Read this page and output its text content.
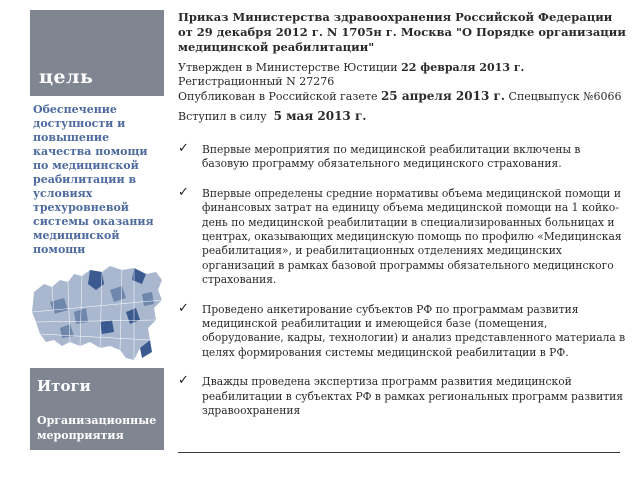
цель
Обеспечение
доступности и
повышение
качества помощи
по медицинской
реабилитации в
условиях
трехуровневой
системы оказания
медицинской
помощи
Итоги
Организационные
мероприятия

Приказ Министерства здравоохранения Российской Федерации от 29 декабря 2012 г. N 1705н г. Москва "О Порядке организации медицинской реабилитации"

Утвержден в Министерстве Юстиции 22 февраля 2013 г.
Регистрационный N 27276
Опубликован в Российской газете 25 апреля 2013 г. Спецвыпуск №6066
Вступил в силу 5 мая 2013 г.
✓ Впервые мероприятия по медицинской реабилитации включены в базовую программу обязательного медицинского страхования.
✓ Впервые определены средние нормативы объема медицинской помощи и финансовых затрат на единицу объема медицинской помощи на 1 койко-день по медицинской реабилитации в специализированных больницах и центрах, оказывающих медицинскую помощь по профилю «Медицинская реабилитация», и реабилитационных отделениях медицинских организаций в рамках базовой программы обязательного медицинского страхования.
✓ Проведено анкетирование субъектов РФ по программам развития медицинской реабилитации и имеющейся базе (помещения, оборудование, кадры, технологии) и анализ представленного материала в целях формирования системы медицинской реабилитации в РФ.
✓ Дважды проведена экспертиза программ развития медицинской реабилитации в субъектах РФ в рамках региональных программ развития здравоохранения
